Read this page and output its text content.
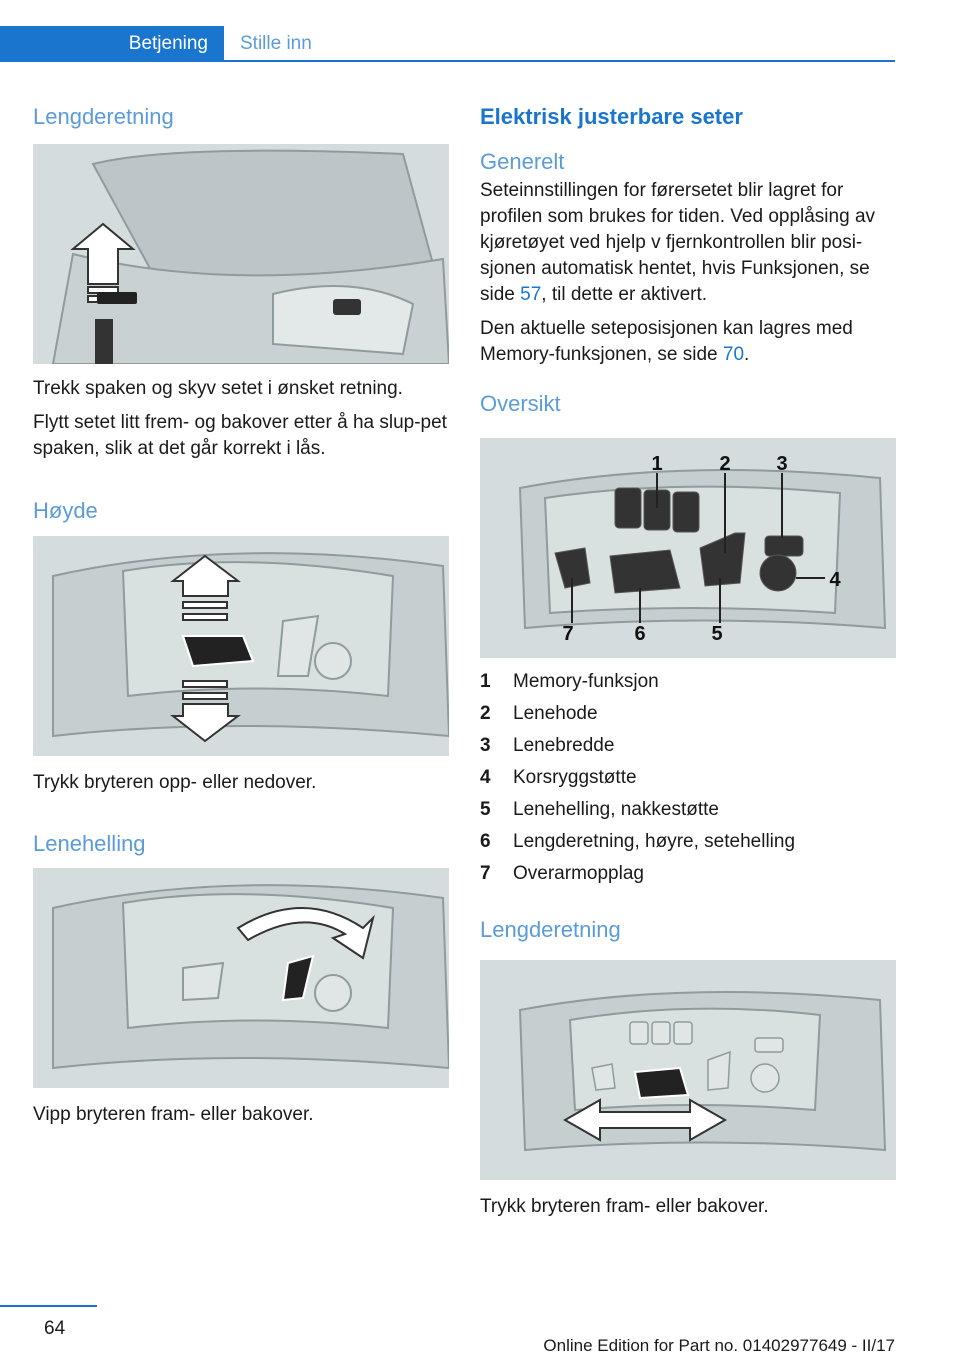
Betjening	Stille inn
Lengderetning

Trekk spaken og skyv setet i ønsket retning.

Flytt setet litt frem- og bakover etter å ha slup‐pet spaken, slik at det går korrekt i lås.

Høyde

Trykk bryteren opp- eller nedover.

Lenehelling

Vipp bryteren fram- eller bakover.

Elektrisk justerbare seter
Generelt

Seteinnstillingen for førersetet blir lagret for profilen som brukes for tiden. Ved opplåsing av kjøretøyet ved hjelp v fjernkontrollen blir posi‐sjonen automatisk hentet, hvis Funksjonen, se side 57, til dette er aktivert.

Den aktuelle seteposisjonen kan lagres med Memory-funksjonen, se side 70.

Oversikt
1	2 3
4
5
6
7
1 Memory-funksjon
2 Lenehode
3 Lenebredde
4 Korsryggstøtte
5 Lenehelling, nakkestøtte
6 Lengderetning, høyre, setehelling
7 Overarmopplag
Lengderetning

Trykk bryteren fram- eller bakover.

64
Online Edition for Part no. 01402977649 - II/17
